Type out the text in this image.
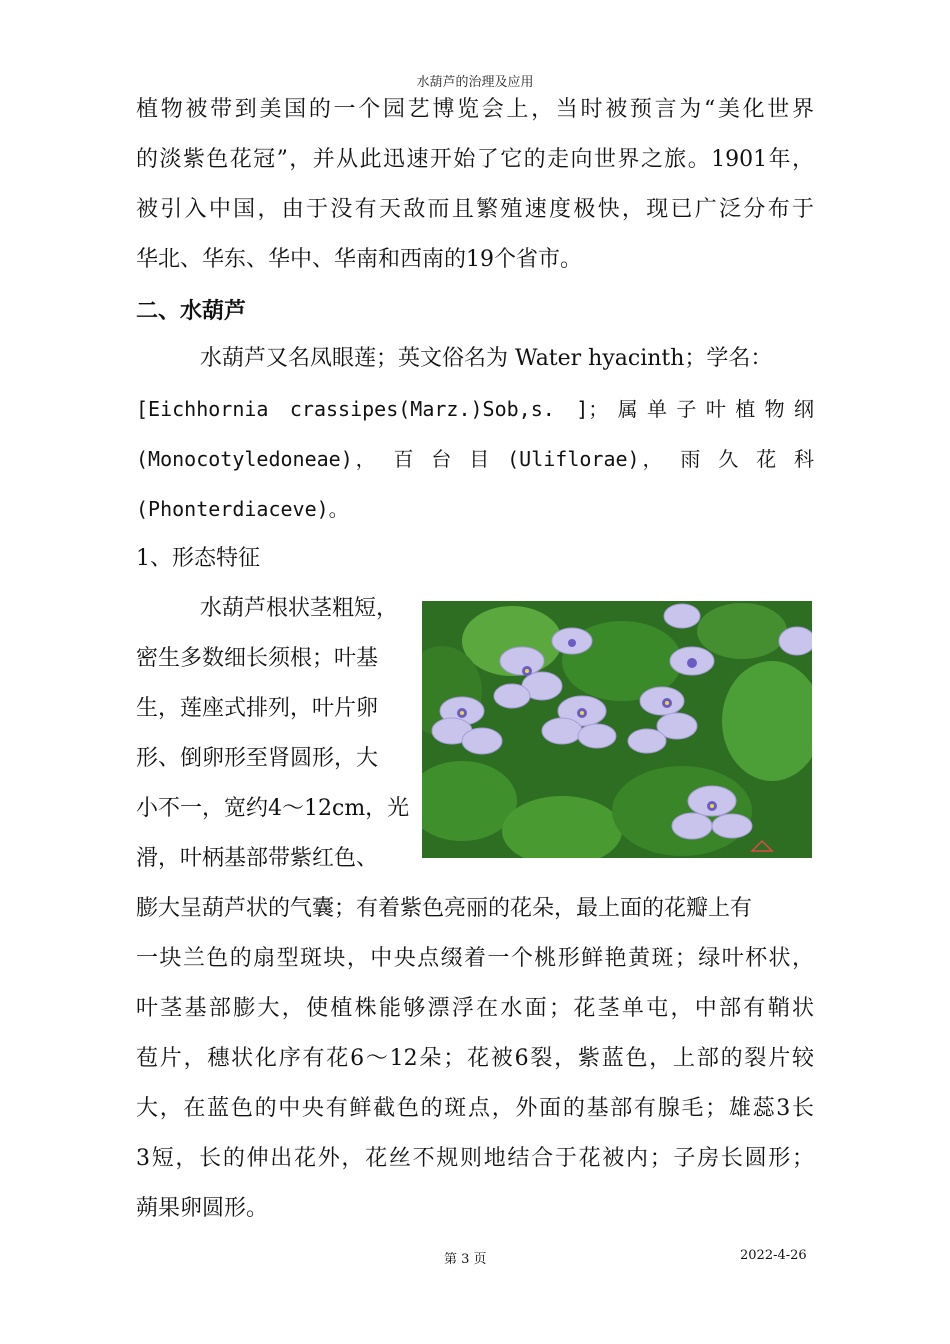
水葫芦的治理及应用
植物被带到美国的一个园艺博览会上，当时被预言为“美化世界
的淡紫色花冠”，并从此迅速开始了它的走向世界之旅。1901年，
被引入中国，由于没有天敌而且繁殖速度极快，现已广泛分布于
华北、华东、华中、华南和西南的19个省市。
二、水葫芦
水葫芦又名凤眼莲；英文俗名为 Water hyacinth；学名：
[Eichhornia crassipes(Marz.)Sob,s. ]；属单子叶植物纲
(Monocotyledoneae)， 百 台 目 (Uliflorae)， 雨 久 花 科
(Phonterdiaceve)。
1、形态特征
水葫芦根状茎粗短，
密生多数细长须根；叶基
生，莲座式排列，叶片卵
形、倒卵形至肾圆形，大
小不一，宽约4～12cm，光
滑，叶柄基部带紫红色、
膨大呈葫芦状的气囊；有着紫色亮丽的花朵，最上面的花瓣上有
一块兰色的扇型斑块，中央点缀着一个桃形鲜艳黄斑；绿叶杯状，
叶茎基部膨大，使植株能够漂浮在水面；花茎单屯，中部有鞘状
苞片，穗状化序有花6～12朵；花被6裂，紫蓝色，上部的裂片较
大，在蓝色的中央有鲜截色的斑点，外面的基部有腺毛；雄蕊3长
3短，长的伸出花外，花丝不规则地结合于花被内；子房长圆形；
蒴果卵圆形。
第 3 页	2022-4-26
